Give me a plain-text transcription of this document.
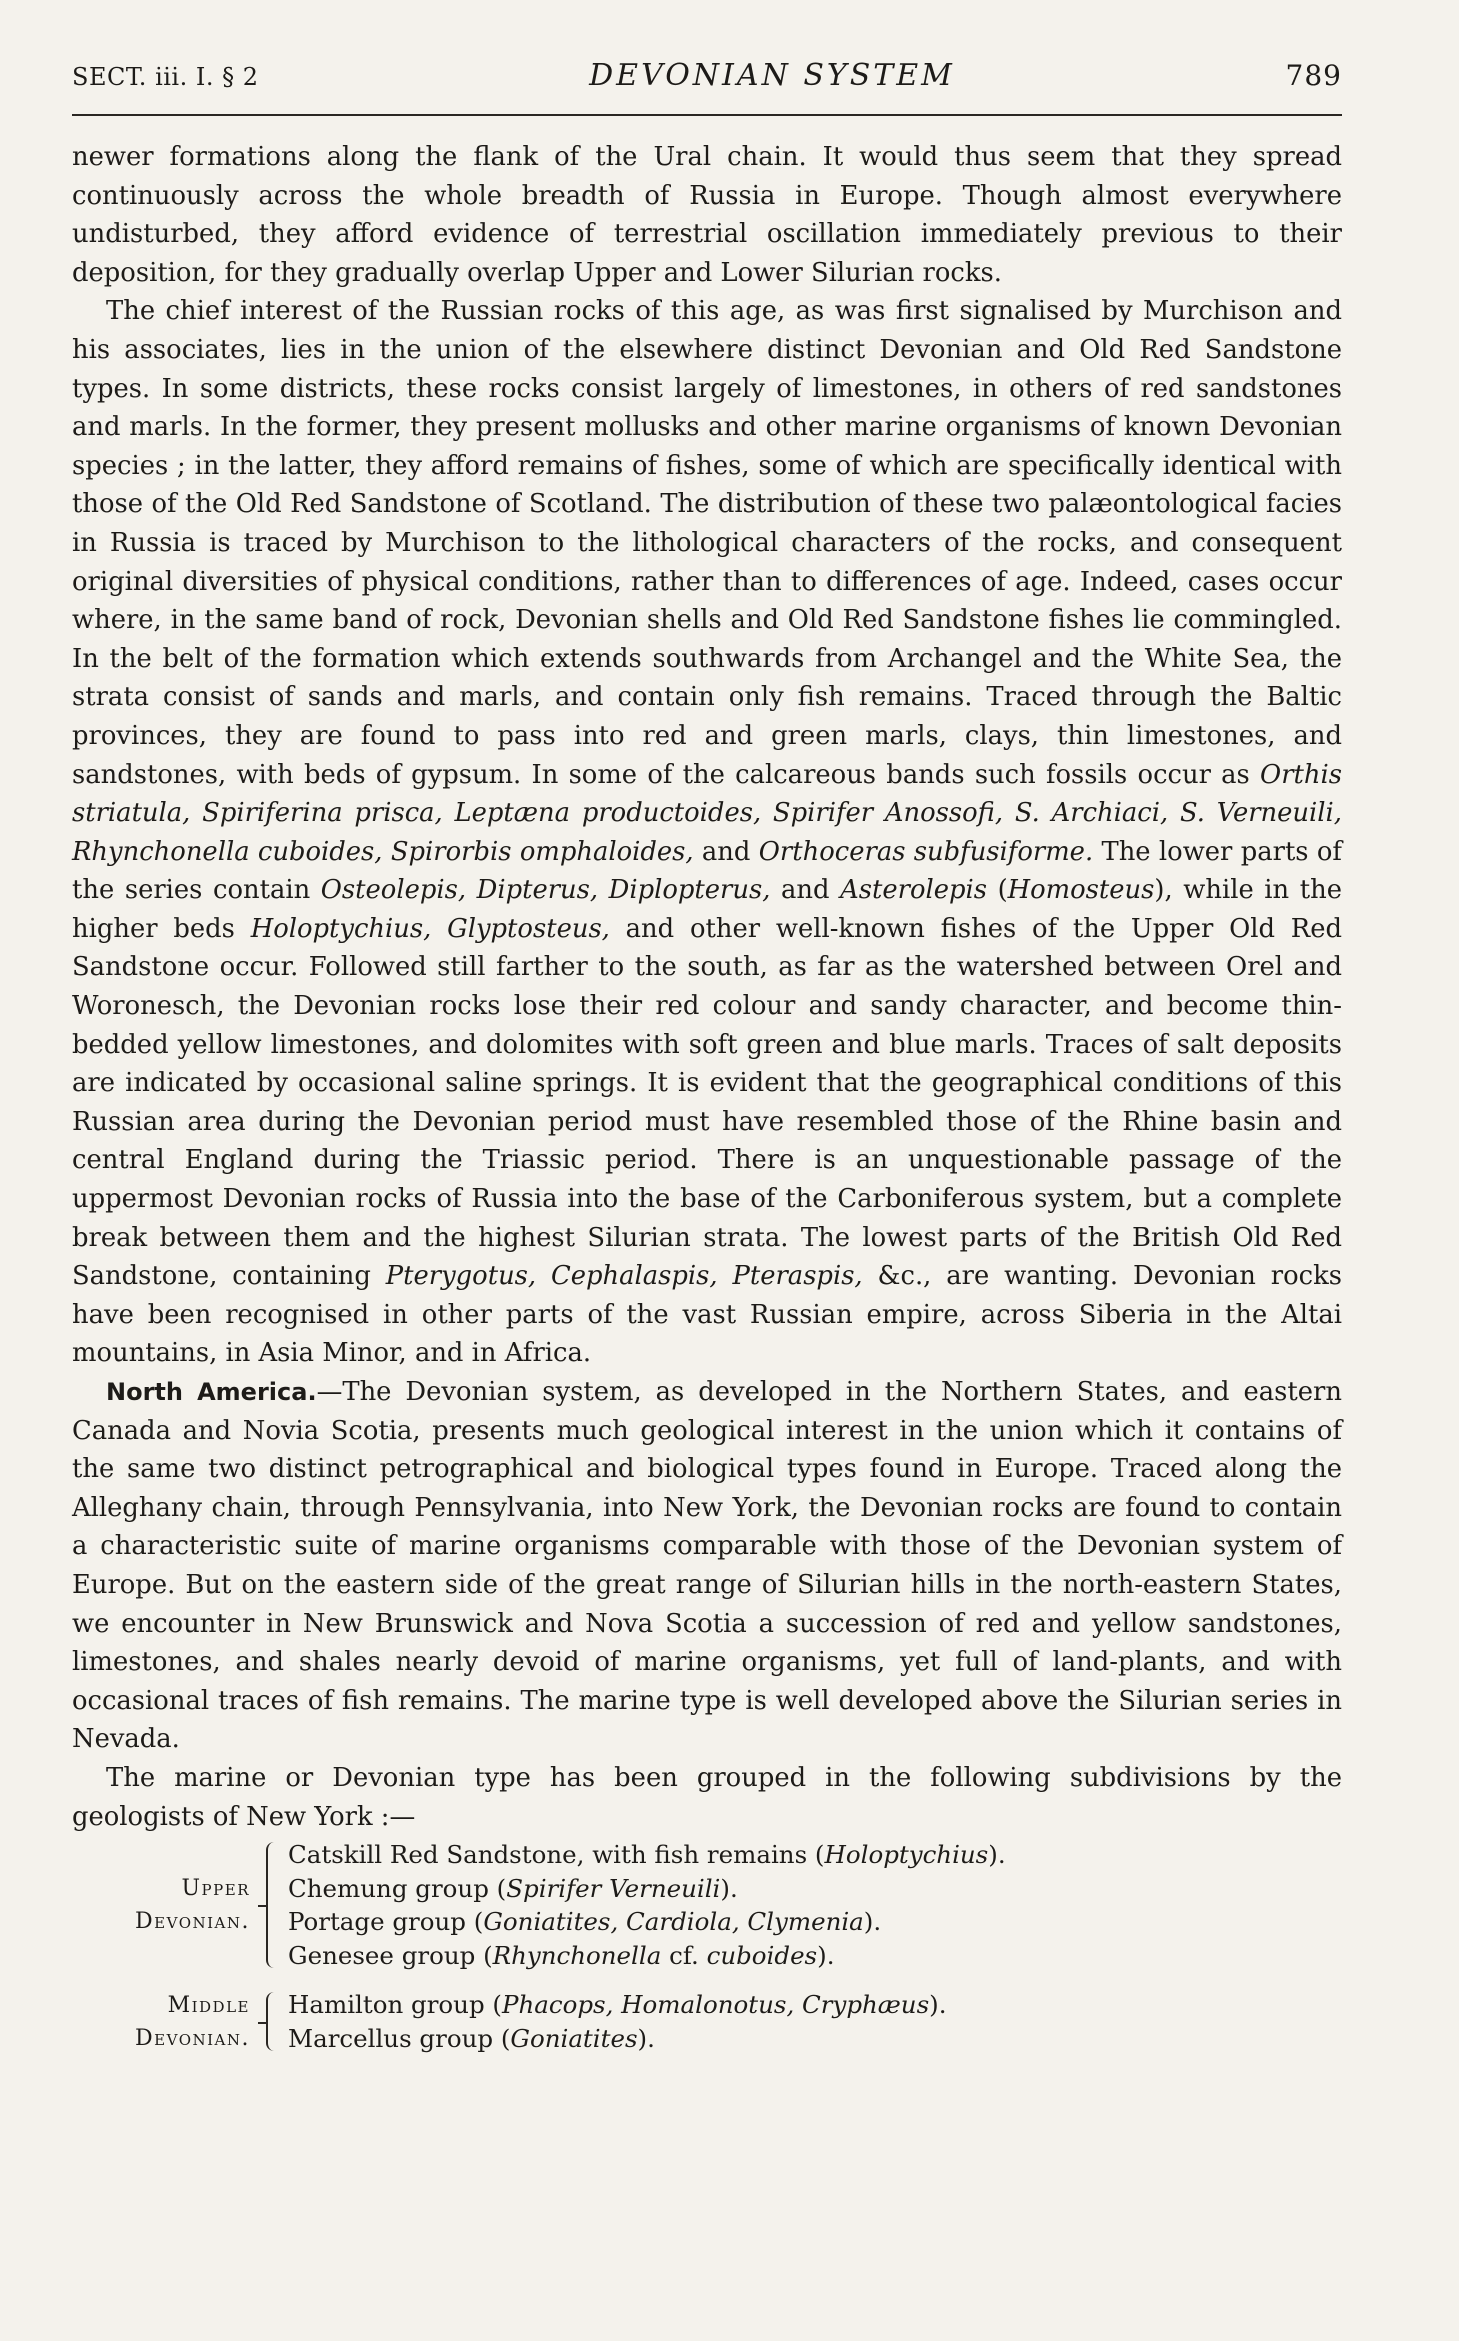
SECT. iii. I. § 2	DEVONIAN SYSTEM	789

newer formations along the flank of the Ural chain. It would thus seem that they spread continuously across the whole breadth of Russia in Europe. Though almost everywhere undisturbed, they afford evidence of terrestrial oscillation immediately previous to their deposition, for they gradually overlap Upper and Lower Silurian rocks.

The chief interest of the Russian rocks of this age, as was first signalised by Murchison and his associates, lies in the union of the elsewhere distinct Devonian and Old Red Sandstone types. In some districts, these rocks consist largely of limestones, in others of red sandstones and marls. In the former, they present mollusks and other marine organisms of known Devonian species ; in the latter, they afford remains of fishes, some of which are specifically identical with those of the Old Red Sandstone of Scotland. The distribution of these two palæontological facies in Russia is traced by Murchison to the lithological characters of the rocks, and consequent original diversities of physical conditions, rather than to differences of age. Indeed, cases occur where, in the same band of rock, Devonian shells and Old Red Sandstone fishes lie commingled. In the belt of the formation which extends southwards from Archangel and the White Sea, the strata consist of sands and marls, and contain only fish remains. Traced through the Baltic provinces, they are found to pass into red and green marls, clays, thin limestones, and sandstones, with beds of gypsum. In some of the calcareous bands such fossils occur as Orthis striatula, Spiriferina prisca, Leptæna productoides, Spirifer Anossofi, S. Archiaci, S. Verneuili, Rhynchonella cuboides, Spirorbis omphaloides, and Orthoceras subfusiforme. The lower parts of the series contain Osteolepis, Dipterus, Diplopterus, and Asterolepis (Homosteus), while in the higher beds Holoptychius, Glyptosteus, and other well-known fishes of the Upper Old Red Sandstone occur. Followed still farther to the south, as far as the watershed between Orel and Woronesch, the Devonian rocks lose their red colour and sandy character, and become thin-bedded yellow limestones, and dolomites with soft green and blue marls. Traces of salt deposits are indicated by occasional saline springs. It is evident that the geographical conditions of this Russian area during the Devonian period must have resembled those of the Rhine basin and central England during the Triassic period. There is an unquestionable passage of the uppermost Devonian rocks of Russia into the base of the Carboniferous system, but a complete break between them and the highest Silurian strata. The lowest parts of the British Old Red Sandstone, containing Pterygotus, Cephalaspis, Pteraspis, &c., are wanting. Devonian rocks have been recognised in other parts of the vast Russian empire, across Siberia in the Altai mountains, in Asia Minor, and in Africa.

North America.—The Devonian system, as developed in the Northern States, and eastern Canada and Novia Scotia, presents much geological interest in the union which it contains of the same two distinct petrographical and biological types found in Europe. Traced along the Alleghany chain, through Pennsylvania, into New York, the Devonian rocks are found to contain a characteristic suite of marine organisms comparable with those of the Devonian system of Europe. But on the eastern side of the great range of Silurian hills in the north-eastern States, we encounter in New Brunswick and Nova Scotia a succession of red and yellow sandstones, limestones, and shales nearly devoid of marine organisms, yet full of land-plants, and with occasional traces of fish remains. The marine type is well developed above the Silurian series in Nevada.

The marine or Devonian type has been grouped in the following subdivisions by the geologists of New York :—

Upper
Devonian.
Catskill Red Sandstone, with fish remains (Holoptychius).
Chemung group (Spirifer Verneuili).
Portage group (Goniatites, Cardiola, Clymenia).
Genesee group (Rhynchonella cf. cuboides).
Middle
Devonian.
Hamilton group (Phacops, Homalonotus, Cryphæus).
Marcellus group (Goniatites).
